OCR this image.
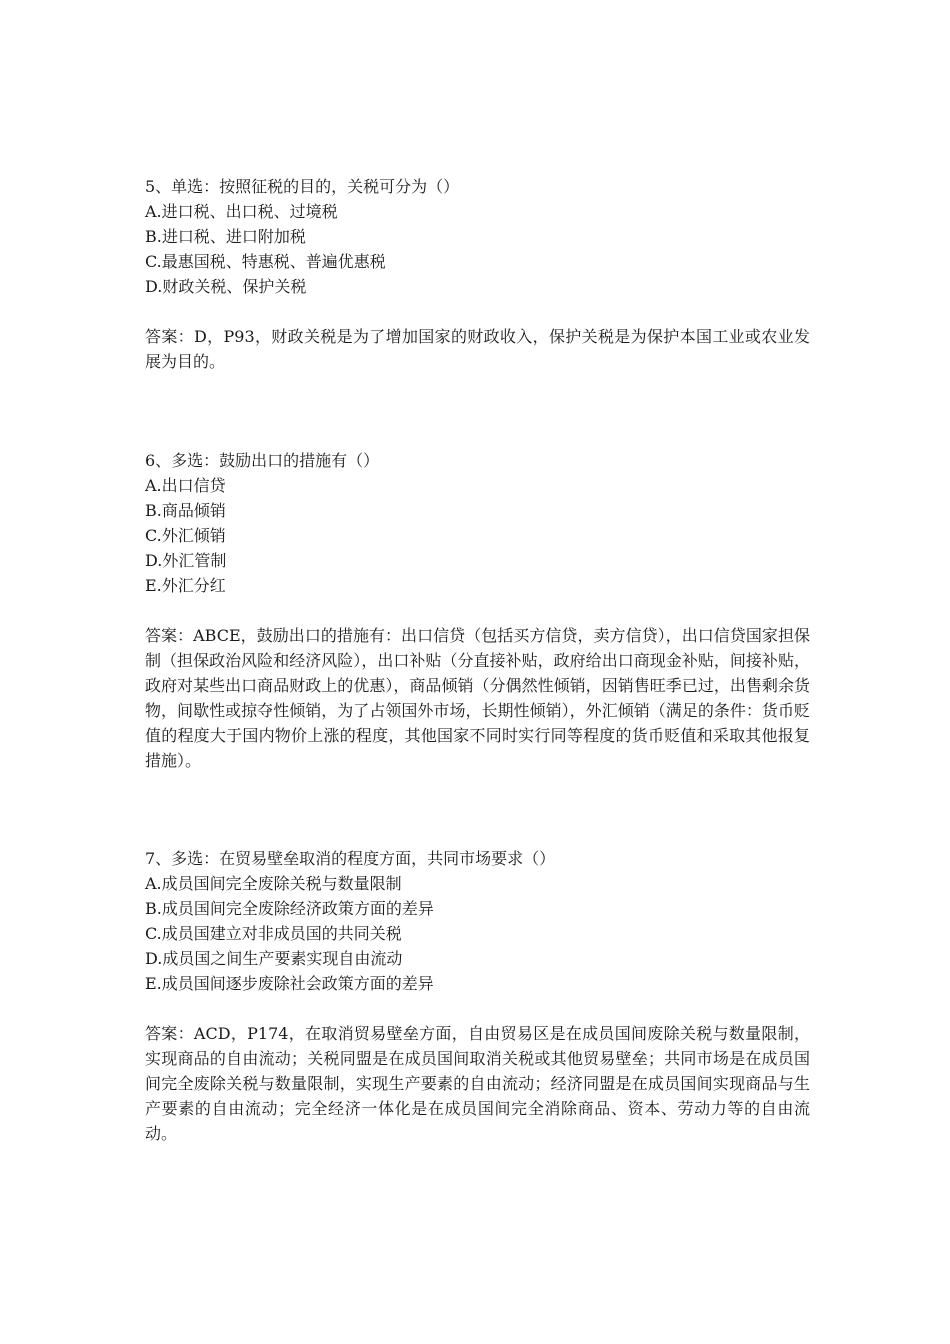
5、单选：按照征税的目的，关税可分为（）
A.进口税、出口税、过境税
B.进口税、进口附加税
C.最惠国税、特惠税、普遍优惠税
D.财政关税、保护关税
答案：D，P93，财政关税是为了增加国家的财政收入，保护关税是为保护本国工业或农业发展为目的。
6、多选：鼓励出口的措施有（）
A.出口信贷
B.商品倾销
C.外汇倾销
D.外汇管制
E.外汇分红
答案：ABCE，鼓励出口的措施有：出口信贷（包括买方信贷，卖方信贷），出口信贷国家担保制（担保政治风险和经济风险），出口补贴（分直接补贴，政府给出口商现金补贴，间接补贴，政府对某些出口商品财政上的优惠），商品倾销（分偶然性倾销，因销售旺季已过，出售剩余货物，间歇性或掠夺性倾销，为了占领国外市场，长期性倾销），外汇倾销（满足的条件：货币贬值的程度大于国内物价上涨的程度，其他国家不同时实行同等程度的货币贬值和采取其他报复措施）。
7、多选：在贸易壁垒取消的程度方面，共同市场要求（）
A.成员国间完全废除关税与数量限制
B.成员国间完全废除经济政策方面的差异
C.成员国建立对非成员国的共同关税
D.成员国之间生产要素实现自由流动
E.成员国间逐步废除社会政策方面的差异
答案：ACD，P174，在取消贸易壁垒方面，自由贸易区是在成员国间废除关税与数量限制，实现商品的自由流动；关税同盟是在成员国间取消关税或其他贸易壁垒；共同市场是在成员国间完全废除关税与数量限制，实现生产要素的自由流动；经济同盟是在成员国间实现商品与生产要素的自由流动；完全经济一体化是在成员国间完全消除商品、资本、劳动力等的自由流动。
